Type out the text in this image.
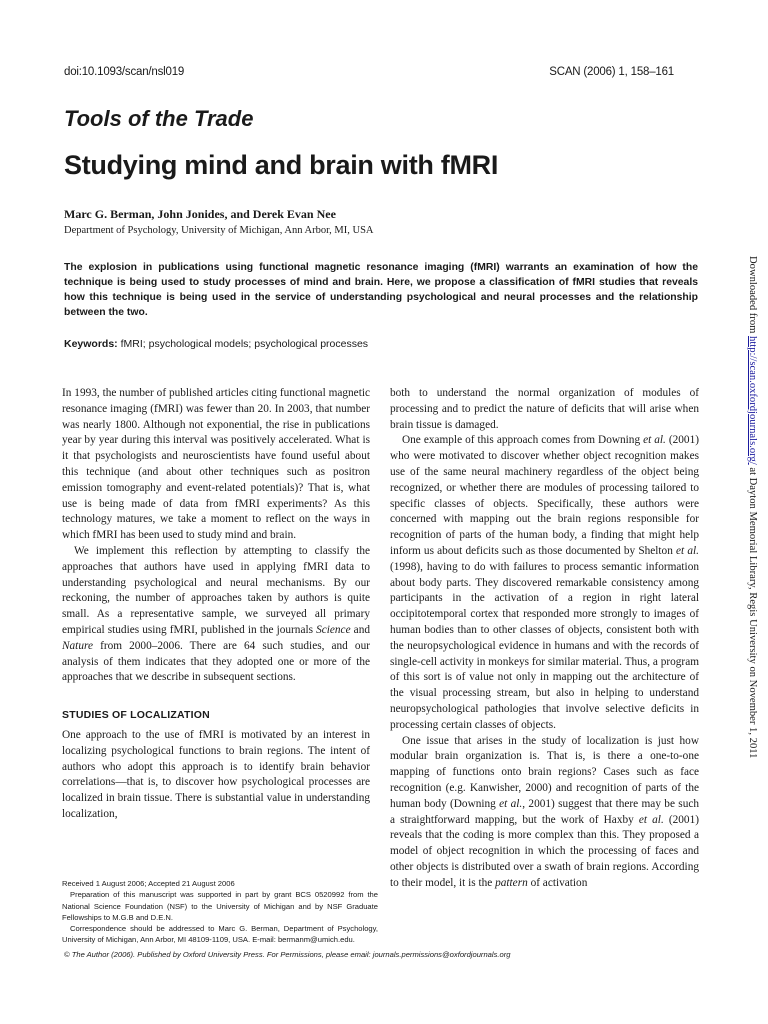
doi:10.1093/scan/nsl019	SCAN (2006) 1, 158–161
Tools of the Trade
Studying mind and brain with fMRI
Marc G. Berman, John Jonides, and Derek Evan Nee
Department of Psychology, University of Michigan, Ann Arbor, MI, USA
The explosion in publications using functional magnetic resonance imaging (fMRI) warrants an examination of how the technique is being used to study processes of mind and brain. Here, we propose a classification of fMRI studies that reveals how this technique is being used in the service of understanding psychological and neural processes and the relationship between the two.
Keywords: fMRI; psychological models; psychological processes

In 1993, the number of published articles citing functional magnetic resonance imaging (fMRI) was fewer than 20. In 2003, that number was nearly 1800. Although not exponential, the rise in publications year by year during this interval was positively accelerated. What is it that psychologists and neuroscientists have found useful about this technique (and about other techniques such as positron emission tomography and event-related potentials)? That is, what use is being made of data from fMRI experiments? As this technology matures, we take a moment to reflect on the ways in which fMRI has been used to study mind and brain.

We implement this reflection by attempting to classify the approaches that authors have used in applying fMRI data to understanding psychological and neural mechanisms. By our reckoning, the number of approaches taken by authors is quite small. As a representative sample, we surveyed all primary empirical studies using fMRI, published in the journals Science and Nature from 2000–2006. There are 64 such studies, and our analysis of them indicates that they adopted one or more of the approaches that we describe in subsequent sections.

STUDIES OF LOCALIZATION

One approach to the use of fMRI is motivated by an interest in localizing psychological functions to brain regions. The intent of authors who adopt this approach is to identify brain behavior correlations—that is, to discover how psychological processes are localized in brain tissue. There is substantial value in understanding localization,

both to understand the normal organization of modules of processing and to predict the nature of deficits that will arise when brain tissue is damaged.

One example of this approach comes from Downing et al. (2001) who were motivated to discover whether object recognition makes use of the same neural machinery regardless of the object being recognized, or whether there are modules of processing tailored to specific classes of objects. Specifically, these authors were concerned with mapping out the brain regions responsible for recognition of parts of the human body, a finding that might help inform us about deficits such as those documented by Shelton et al. (1998), having to do with failures to process semantic information about body parts. They discovered remarkable consistency among participants in the activation of a region in right lateral occipitotemporal cortex that responded more strongly to images of human bodies than to other classes of objects, consistent both with the neuropsychological evidence in humans and with the records of single-cell activity in monkeys for similar material. Thus, a program of this sort is of value not only in mapping out the architecture of the visual processing stream, but also in helping to understand neuropsychological pathologies that involve selective deficits in processing certain classes of objects.

One issue that arises in the study of localization is just how modular brain organization is. That is, is there a one-to-one mapping of functions onto brain regions? Cases such as face recognition (e.g. Kanwisher, 2000) and recognition of parts of the human body (Downing et al., 2001) suggest that there may be such a straightforward mapping, but the work of Haxby et al. (2001) reveals that the coding is more complex than this. They proposed a model of object recognition in which the processing of faces and other objects is distributed over a swath of brain regions. According to their model, it is the pattern of activation

Received 1 August 2006; Accepted 21 August 2006

Preparation of this manuscript was supported in part by grant BCS 0520992 from the National Science Foundation (NSF) to the University of Michigan and by NSF Graduate Fellowships to M.G.B and D.E.N.

Correspondence should be addressed to Marc G. Berman, Department of Psychology, University of Michigan, Ann Arbor, MI 48109-1109, USA. E-mail: bermanm@umich.edu.

© The Author (2006). Published by Oxford University Press. For Permissions, please email: journals.permissions@oxfordjournals.org
Downloaded from http://scan.oxfordjournals.org/ at Dayton Memorial Library, Regis University on November 1, 2011
